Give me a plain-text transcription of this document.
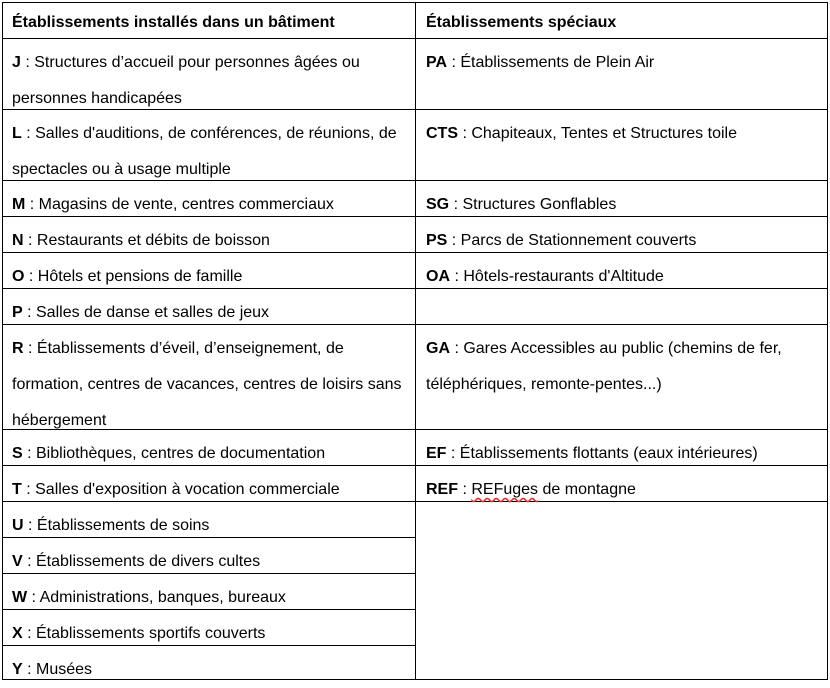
Établissements installés dans un bâtiment
J : Structures d’accueil pour personnes âgées ou personnes handicapées
L : Salles d'auditions, de conférences, de réunions, de spectacles ou à usage multiple
M : Magasins de vente, centres commerciaux
N : Restaurants et débits de boisson
O : Hôtels et pensions de famille
P : Salles de danse et salles de jeux
R : Établissements d’éveil, d’enseignement, de formation, centres de vacances, centres de loisirs sans hébergement
S : Bibliothèques, centres de documentation
T : Salles d'exposition à vocation commerciale
U : Établissements de soins
V : Établissements de divers cultes
W : Administrations, banques, bureaux
X : Établissements sportifs couverts
Y : Musées
Établissements spéciaux
PA : Établissements de Plein Air
CTS : Chapiteaux, Tentes et Structures toile
SG : Structures Gonflables
PS : Parcs de Stationnement couverts
OA : Hôtels-restaurants d'Altitude
GA : Gares Accessibles au public (chemins de fer, téléphériques, remonte-pentes...)
EF : Établissements flottants (eaux intérieures)
REF : REFuges de montagne
